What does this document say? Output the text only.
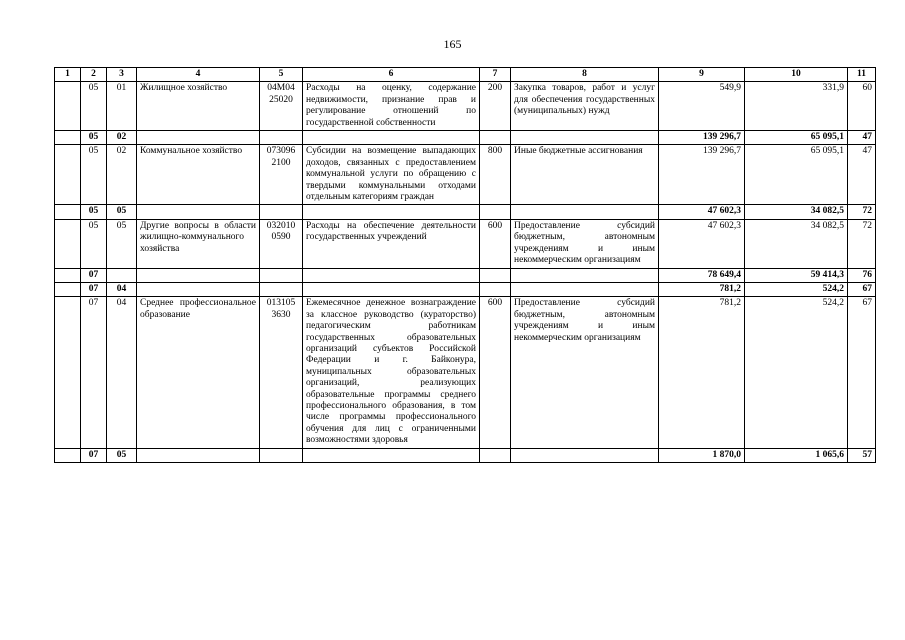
165
1	2	3	4	5	6	7	8	9	10	11
	05	01	Жилищное хозяйство	04М04 25020	Расходы на оценку, содержание недвижимости, признание прав и регулирование отношений по государственной собственности	200	Закупка товаров, работ и услуг для обеспечения государственных (муниципальных) нужд	549,9	331,9	60
	05	02						139 296,7	65 095,1	47
	05	02	Коммунальное хозяйство	073096 2100	Субсидии на возмещение выпадающих доходов, связанных с предоставлением коммунальной услуги по обращению с твердыми коммунальными отходами отдельным категориям граждан	800	Иные бюджетные ассигнования	139 296,7	65 095,1	47
	05	05						47 602,3	34 082,5	72
	05	05	Другие вопросы в области жилищно-коммунального хозяйства	032010 0590	Расходы на обеспечение деятельности государственных учреждений	600	Предоставление субсидий бюджетным, автономным учреждениям и иным некоммерческим организациям	47 602,3	34 082,5	72
	07							78 649,4	59 414,3	76
	07	04						781,2	524,2	67
	07	04	Среднее профессиональное образование	013105 3630	Ежемесячное денежное вознаграждение за классное руководство (кураторство) педагогическим работникам государственных образовательных организаций субъектов Российской Федерации и г. Байконура, муниципальных образовательных организаций, реализующих образовательные программы среднего профессионального образования, в том числе программы профессионального обучения для лиц с ограниченными возможностями здоровья	600	Предоставление субсидий бюджетным, автономным учреждениям и иным некоммерческим организациям	781,2	524,2	67
	07	05						1 870,0	1 065,6	57
